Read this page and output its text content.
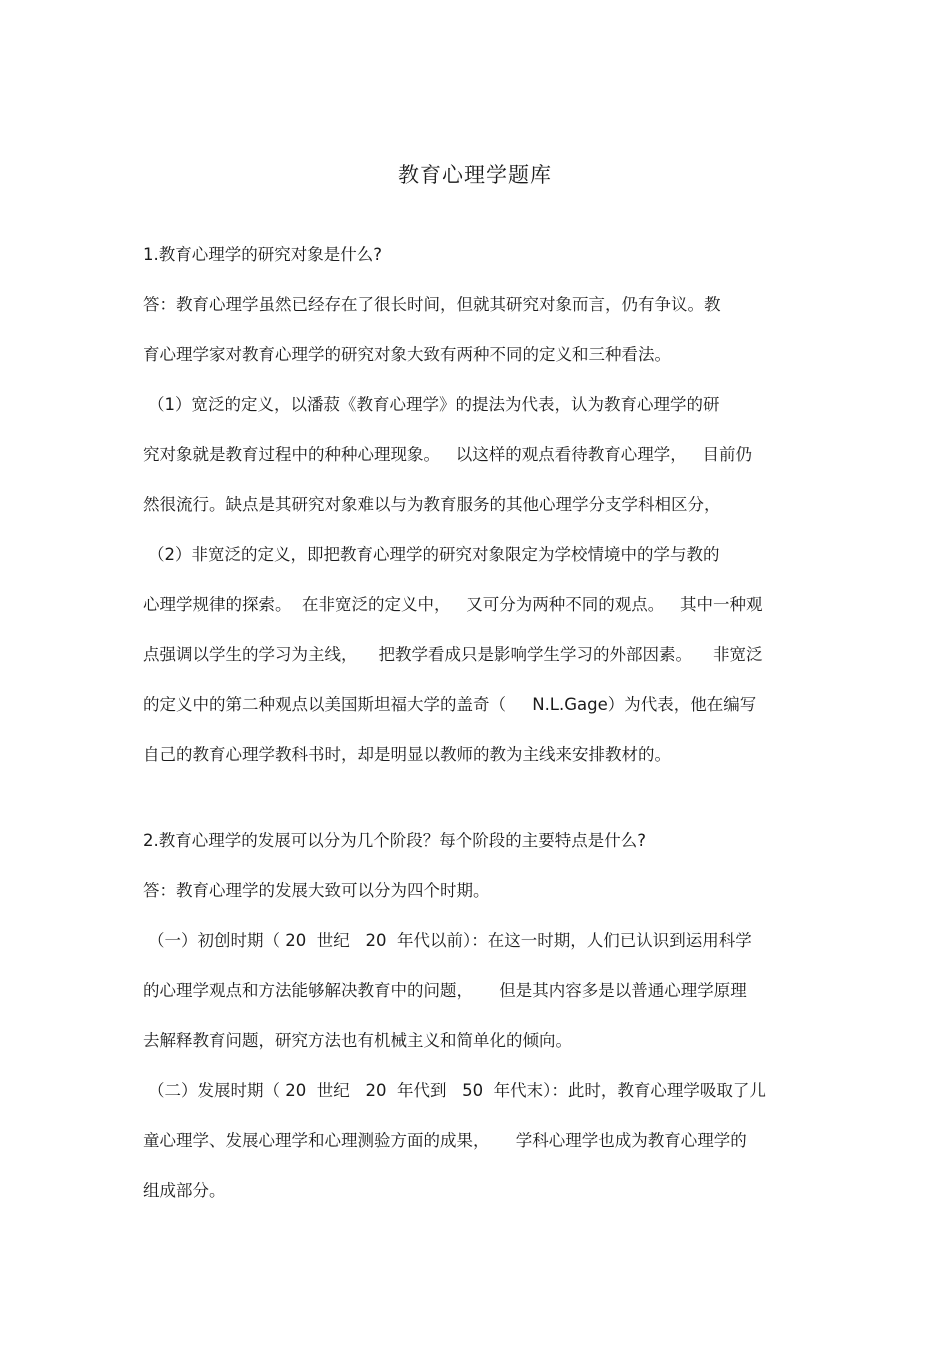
教育心理学题库
1.教育心理学的研究对象是什么?
答：教育心理学虽然已经存在了很长时间，但就其研究对象而言，仍有争议。教
育心理学家对教育心理学的研究对象大致有两种不同的定义和三种看法。
（1）宽泛的定义，以潘菽《教育心理学》的提法为代表，认为教育心理学的研
究对象就是教育过程中的种种心理现象。   以这样的观点看待教育心理学，   目前仍
然很流行。缺点是其研究对象难以与为教育服务的其他心理学分支学科相区分，
（2）非宽泛的定义，即把教育心理学的研究对象限定为学校情境中的学与教的
心理学规律的探索。  在非宽泛的定义中，   又可分为两种不同的观点。   其中一种观
点强调以学生的学习为主线，    把教学看成只是影响学生学习的外部因素。    非宽泛
的定义中的第二种观点以美国斯坦福大学的盖奇（     N.L.Gage）为代表，他在编写
自己的教育心理学教科书时，却是明显以教师的教为主线来安排教材的。
2.教育心理学的发展可以分为几个阶段？每个阶段的主要特点是什么?
答：教育心理学的发展大致可以分为四个时期。
（一）初创时期（ 20  世纪   20  年代以前）：在这一时期，人们已认识到运用科学
的心理学观点和方法能够解决教育中的问题，     但是其内容多是以普通心理学原理
去解释教育问题，研究方法也有机械主义和简单化的倾向。
（二）发展时期（ 20  世纪   20  年代到   50  年代末）：此时，教育心理学吸取了儿
童心理学、发展心理学和心理测验方面的成果，     学科心理学也成为教育心理学的
组成部分。
